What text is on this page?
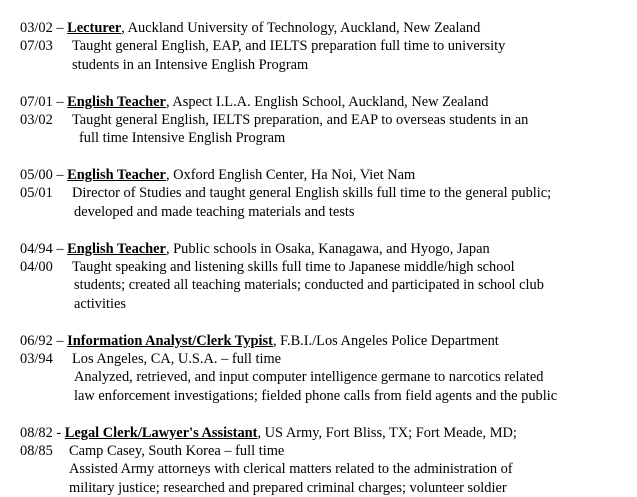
03/02 – Lecturer, Auckland University of Technology, Auckland, New Zealand
07/03 Taught general English, EAP, and IELTS preparation full time to university
students in an Intensive English Program
07/01 – English Teacher, Aspect I.L.A. English School, Auckland, New Zealand
03/02 Taught general English, IELTS preparation, and EAP to overseas students in an
full time Intensive English Program
05/00 – English Teacher, Oxford English Center, Ha Noi, Viet Nam
05/01 Director of Studies and taught general English skills full time to the general public;
developed and made teaching materials and tests
04/94 – English Teacher, Public schools in Osaka, Kanagawa, and Hyogo, Japan
04/00 Taught speaking and listening skills full time to Japanese middle/high school
students; created all teaching materials; conducted and participated in school club
activities
06/92 – Information Analyst/Clerk Typist, F.B.I./Los Angeles Police Department
03/94 Los Angeles, CA, U.S.A. – full time
Analyzed, retrieved, and input computer intelligence germane to narcotics related
law enforcement investigations; fielded phone calls from field agents and the public
08/82 - Legal Clerk/Lawyer's Assistant, US Army, Fort Bliss, TX; Fort Meade, MD;
08/85 Camp Casey, South Korea – full time
Assisted Army attorneys with clerical matters related to the administration of
military justice; researched and prepared criminal charges; volunteer soldier
